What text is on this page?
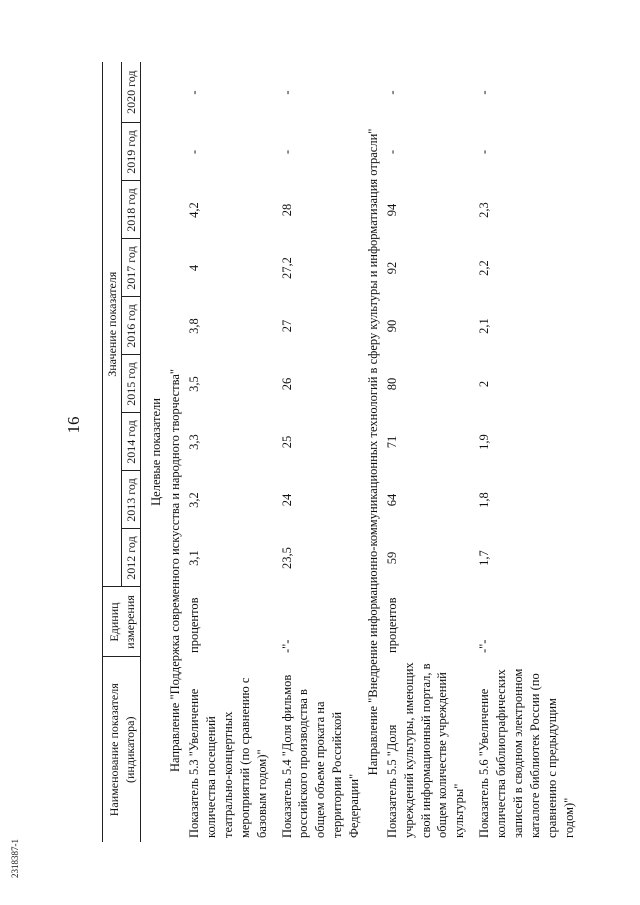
16
Наименование показателя (индикатора)	Единиц измерения	Значение показателя								
		2012 год	2013 год	2014 год	2015 год	2016 год	2017 год	2018 год	2019 год	2020 год

Целевые показатели										
Направление "Поддержка современного искусства и народного творчества"										
Показатель 5.3 "Увеличение количества посещений театрально-концертных мероприятий (по сравнению с базовым годом)"	процентов	3,1	3,2	3,3	3,5	3,8	4	4,2	-	-

Показатель 5.4 "Доля фильмов российского производства в общем объеме проката на территории Российской Федерации"	-"-	23,5	24	25	26	27	27,2	28	-	-
Направление "Внедрение информационно-коммуникационных технологий в сферу культуры и информатизация отрасли"										
Показатель 5.5 "Доля учреждений культуры, имеющих свой информационный портал, в общем количестве учреждений культуры"	процентов	59	64	71	80	90	92	94	-	-

Показатель 5.6 "Увеличение количества библиографических записей в сводном электронном каталоге библиотек России (по сравнению с предыдущим годом)"	-"-	1,7	1,8	1,9	2	2,1	2,2	2,3	-	-
2318387-1
